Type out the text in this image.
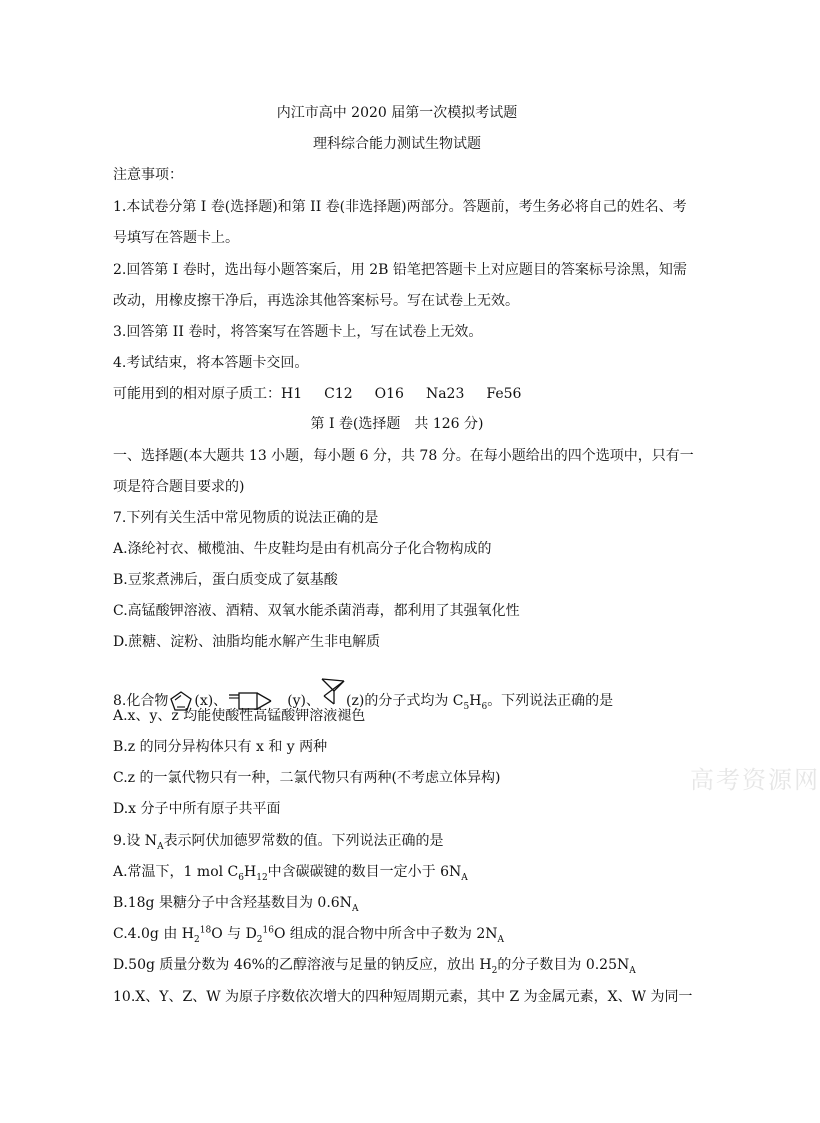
内江市高中 2020 届第一次模拟考试题
理科综合能力测试生物试题
注意事项：
1.本试卷分第 I 卷(选择题)和第 II 卷(非选择题)两部分。答题前，考生务必将自己的姓名、考
号填写在答题卡上。
2.回答第 I 卷时，选出每小题答案后，用 2B 铅笔把答题卡上对应题目的答案标号涂黑，知需
改动，用橡皮擦干净后，再选涂其他答案标号。写在试卷上无效。
3.回答第 II 卷时，将答案写在答题卡上，写在试卷上无效。
4.考试结束，将本答题卡交回。
可能用到的相对原子质工：H1 C12 O16 Na23 Fe56
第 I 卷(选择题　共 126 分)
一、选择题(本大题共 13 小题，每小题 6 分，共 78 分。在每小题给出的四个选项中，只有一
项是符合题目要求的)
7.下列有关生活中常见物质的说法正确的是
A.涤纶衬衣、橄榄油、牛皮鞋均是由有机高分子化合物构成的
B.豆浆煮沸后，蛋白质变成了氨基酸
C.高锰酸钾溶液、酒精、双氧水能杀菌消毒，都利用了其强氧化性
D.蔗糖、淀粉、油脂均能水解产生非电解质
8.化合物 (x)、	(y)、 (z)的分子式均为 $C_5H_6$。下列说法正确的是
A.x、y、z 均能使酸性高锰酸钾溶液褪色
B.z 的同分异构体只有 x 和 y 两种
C.z 的一氯代物只有一种，二氯代物只有两种(不考虑立体异构)
D.x 分子中所有原子共平面
9.设 $N_A$表示阿伏加德罗常数的值。下列说法正确的是
A.常温下，1 mol $C_6H_{12}$中含碳碳键的数目一定小于 $6N_A$
B.18g 果糖分子中含羟基数目为 $0.6N_A$
C.4.0g 由 $H_2^{18}O$ 与 $D_2^{16}O$ 组成的混合物中所含中子数为 $2N_A$
D.50g 质量分数为 46%的乙醇溶液与足量的钠反应，放出 $H_2$的分子数目为 $0.25N_A$
10.X、Y、Z、W 为原子序数依次增大的四种短周期元素，其中 Z 为金属元素，X、W 为同一
高考资源网
